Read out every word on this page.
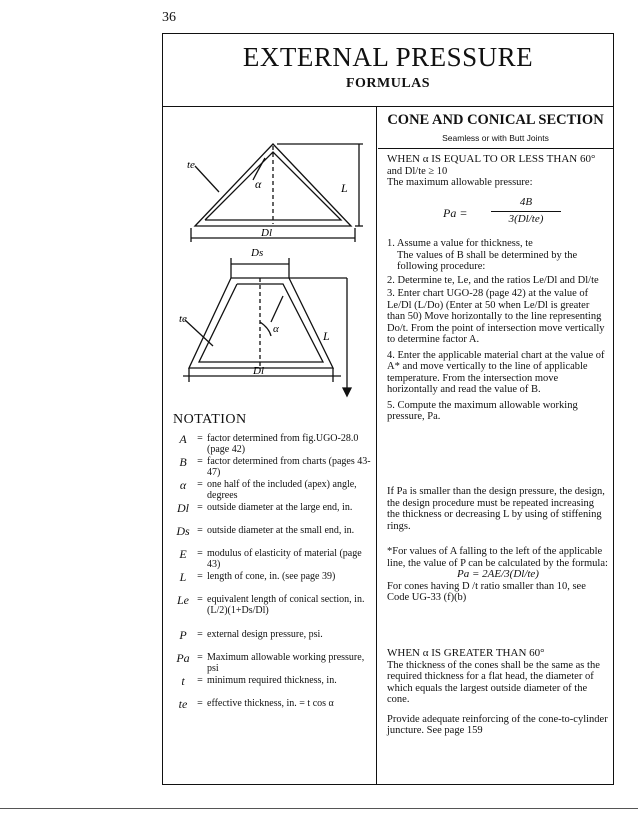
36
EXTERNAL PRESSURE
FORMULAS
CONE AND CONICAL SECTION
Seamless or with Butt Joints
te
α	L
Dl
Ds
te
α	L
Dl
NOTATION
A	= factor determined from fig.UGO-28.0 (page 42)
B	= factor determined from charts (pages 43-47)
α	= one half of the included (apex) angle, degrees
Dl = outside diameter at the large end, in.
Ds = outside diameter at the small end, in.
E	= modulus of elasticity of material (page 43)
L	= length of cone, in. (see page 39)
Le = equivalent length of conical section, in.(L/2)(1+Ds/Dl)
P	= external design pressure, psi.
Pa = Maximum allowable working pressure, psi
t	= minimum required thickness, in.
te = effective thickness, in. = t cos α

WHEN α IS EQUAL TO OR LESS THAN 60°

and Dl/te ≥ 10

The maximum allowable pressure:

Pa =
4B
3(Dl/te)

1. Assume a value for thickness, te

The values of B shall be determined by the following procedure:

2. Determine te, Le, and the ratios Le/Dl and Dl/te

3. Enter chart UGO-28 (page 42) at the value of Le/Dl (L/Do) (Enter at 50 when Le/Dl is greater than 50) Move horizontally to the line representing Do/t. From the point of intersection move vertically to determine factor A.

4. Enter the applicable material chart at the value of A* and move vertically to the line of applicable temperature. From the intersection move horizontally and read the value of B.

5. Compute the maximum allowable working pressure, Pa.

If Pa is smaller than the design pressure, the design, the design procedure must be repeated increasing the thickness or decreasing L by using of stiffening rings.

*For values of A falling to the left of the applicable line, the value of P can be calculated by the formula:

Pa = 2AE/3(Dl/te)

For cones having D /t ratio smaller than 10, see Code UG-33 (f)(b)

WHEN α IS GREATER THAN 60°

The thickness of the cones shall be the same as the required thickness for a flat head, the diameter of which equals the largest outside diameter of the cone.

Provide adequate reinforcing of the cone-to-cylinder juncture. See page 159
